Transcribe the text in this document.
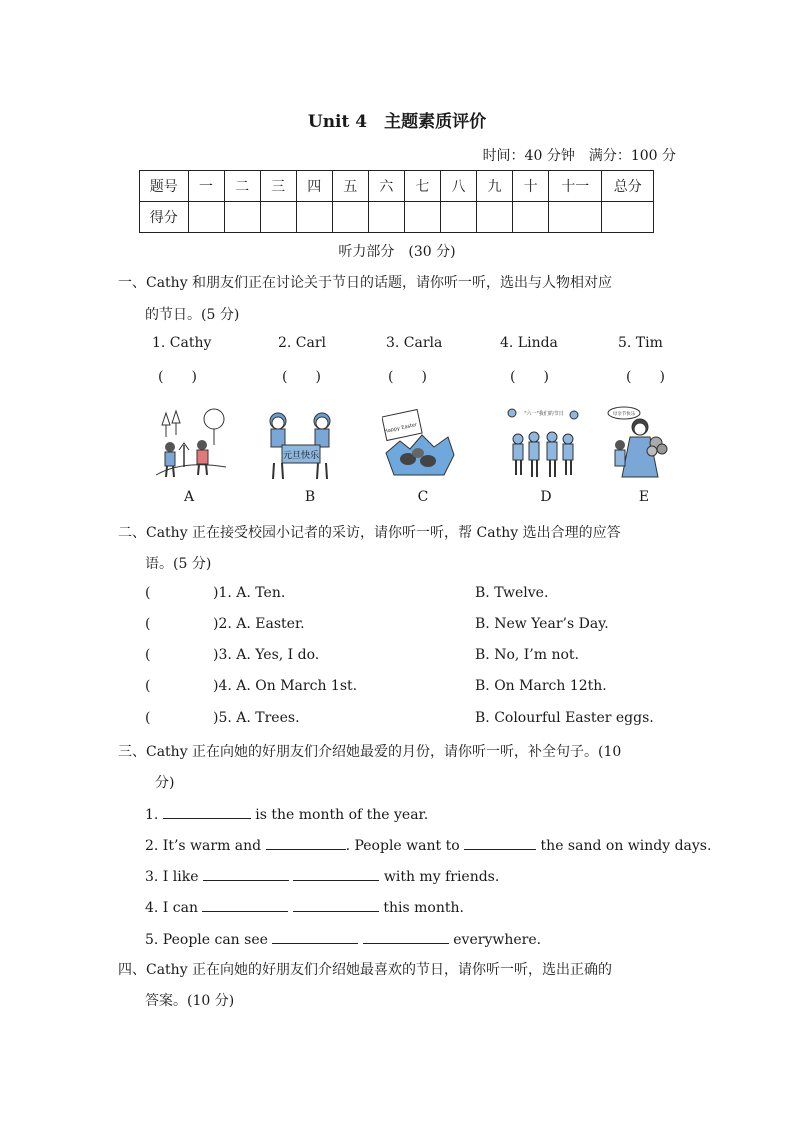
Unit 4　主题素质评价
时间：40 分钟　满分：100 分
题号	一	二	三	四	五	六	七	八	九	十	十一	总分
得分												
听力部分　(30 分)
一、Cathy 和朋友们正在讨论关于节日的话题，请你听一听，选出与人物相对应
的节日。(5 分)
1. Cathy	2. Carl	3. Carla	4. Linda	5. Tim
(　　)	(　　)	(　　)	(　　)	(　　)
A
元旦快乐
B
Happy Easter
C
"六一"我们的节日
D
母亲节快乐
E
二、Cathy 正在接受校园小记者的采访，请你听一听，帮 Cathy 选出合理的应答
语。(5 分)
(	)1. A. Ten.	B. Twelve.
(	)2. A. Easter.	B. New Year’s Day.
(	)3. A. Yes, I do.	B. No, I’m not.
(	)4. A. On March 1st.	B. On March 12th.
(	)5. A. Trees.	B. Colourful Easter eggs.
三、Cathy 正在向她的好朋友们介绍她最爱的月份，请你听一听，补全句子。(10
分)
1.	is the month of the year.
2. It’s warm and	. People want to	the sand on windy days.
3. I like	with my friends.
4. I can	this month.
5. People can see	everywhere.
四、Cathy 正在向她的好朋友们介绍她最喜欢的节日，请你听一听，选出正确的
答案。(10 分)
